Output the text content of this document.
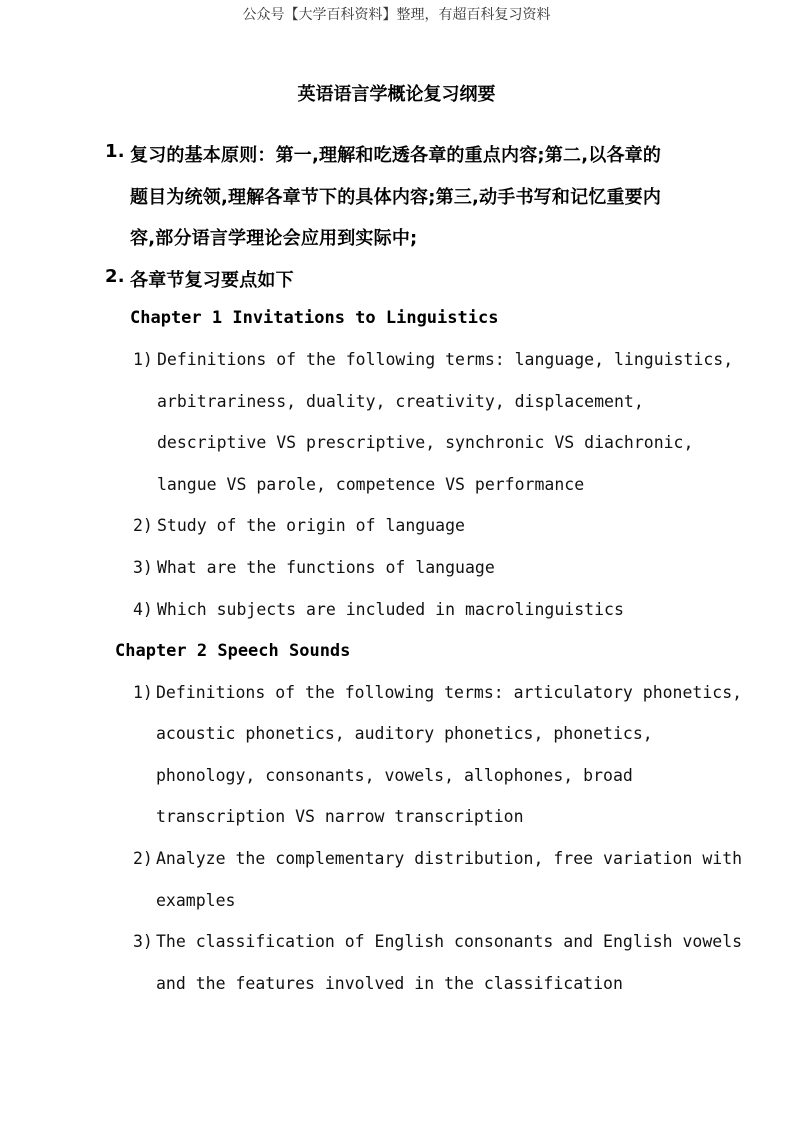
公众号【大学百科资料】整理，有超百科复习资料
英语语言学概论复习纲要
1. 复习的基本原则：第一,理解和吃透各章的重点内容;第二,以各章的
题目为统领,理解各章节下的具体内容;第三,动手书写和记忆重要内
容,部分语言学理论会应用到实际中;
2. 各章节复习要点如下
Chapter 1 Invitations to Linguistics
1) Definitions of the following terms: language, linguistics,
arbitrariness, duality, creativity, displacement,
descriptive VS prescriptive, synchronic VS diachronic,
langue VS parole, competence VS performance
2) Study of the origin of language
3) What are the functions of language
4) Which subjects are included in macrolinguistics
Chapter 2 Speech Sounds
1) Definitions of the following terms: articulatory phonetics,
acoustic phonetics, auditory phonetics, phonetics,
phonology, consonants, vowels, allophones, broad
transcription VS narrow transcription
2) Analyze the complementary distribution, free variation with
examples
3) The classification of English consonants and English vowels
and the features involved in the classification
